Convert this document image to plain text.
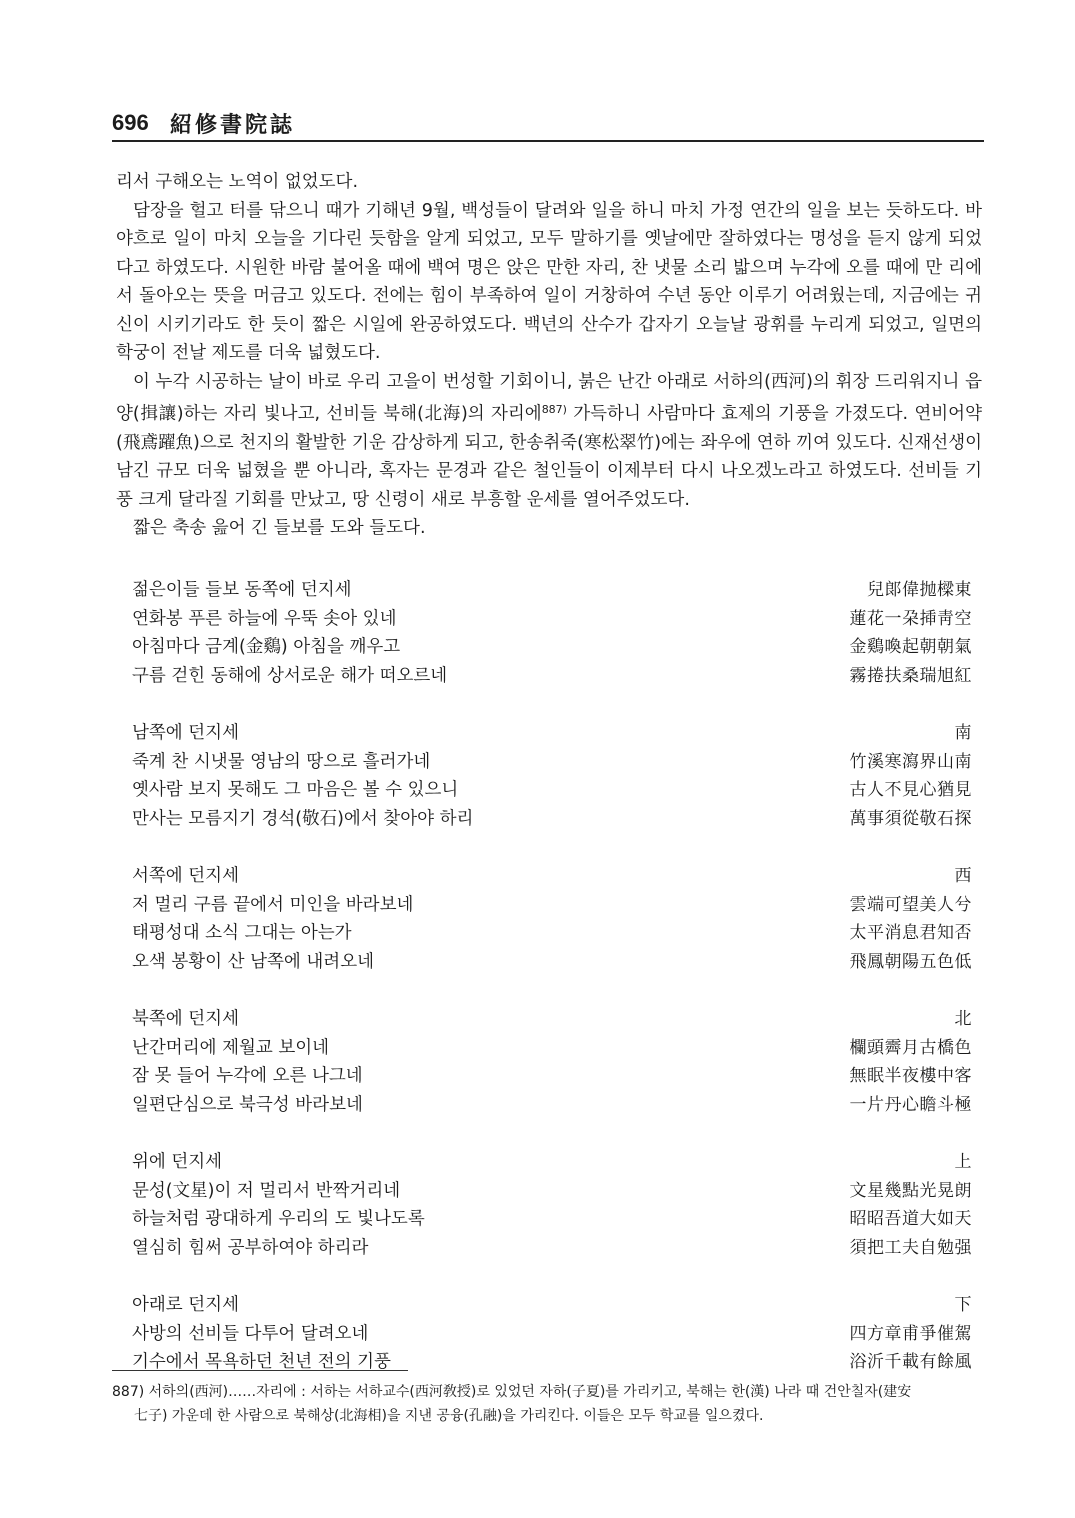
696 紹修書院誌

리서 구해오는 노역이 없었도다.

담장을 헐고 터를 닦으니 때가 기해년 9월, 백성들이 달려와 일을 하니 마치 가정 연간의 일을 보는 듯하도다. 바야흐로 일이 마치 오늘을 기다린 듯함을 알게 되었고, 모두 말하기를 옛날에만 잘하였다는 명성을 듣지 않게 되었다고 하였도다. 시원한 바람 불어올 때에 백여 명은 앉은 만한 자리, 찬 냇물 소리 밟으며 누각에 오를 때에 만 리에서 돌아오는 뜻을 머금고 있도다. 전에는 힘이 부족하여 일이 거창하여 수년 동안 이루기 어려웠는데, 지금에는 귀신이 시키기라도 한 듯이 짧은 시일에 완공하였도다. 백년의 산수가 갑자기 오늘날 광휘를 누리게 되었고, 일면의 학궁이 전날 제도를 더욱 넓혔도다.

이 누각 시공하는 날이 바로 우리 고을이 번성할 기회이니, 붉은 난간 아래로 서하의(西河)의 휘장 드리워지니 읍양(揖讓)하는 자리 빛나고, 선비들 북해(北海)의 자리에$^{887)}$ 가득하니 사람마다 효제의 기풍을 가졌도다. 연비어약(飛鳶躍魚)으로 천지의 활발한 기운 감상하게 되고, 한송취죽(寒松翠竹)에는 좌우에 연하 끼여 있도다. 신재선생이 남긴 규모 더욱 넓혔을 뿐 아니라, 혹자는 문경과 같은 철인들이 이제부터 다시 나오겠노라고 하였도다. 선비들 기풍 크게 달라질 기회를 만났고, 땅 신령이 새로 부흥할 운세를 열어주었도다.

짧은 축송 읊어 긴 들보를 도와 들도다.

젊은이들 들보 동쪽에 던지세	兒郞偉抛樑東
연화봉 푸른 하늘에 우뚝 솟아 있네	蓮花一朶揷靑空
아침마다 금계(金鷄) 아침을 깨우고	金鷄喚起朝朝氣
구름 걷힌 동해에 상서로운 해가 떠오르네	霧捲扶桑瑞旭紅
남쪽에 던지세	南
죽계 찬 시냇물 영남의 땅으로 흘러가네	竹溪寒瀉界山南
옛사람 보지 못해도 그 마음은 볼 수 있으니	古人不見心猶見
만사는 모름지기 경석(敬石)에서 찾아야 하리	萬事須從敬石探
서쪽에 던지세	西
저 멀리 구름 끝에서 미인을 바라보네	雲端可望美人兮
태평성대 소식 그대는 아는가	太平消息君知否
오색 봉황이 산 남쪽에 내려오네	飛鳳朝陽五色低
북쪽에 던지세	北
난간머리에 제월교 보이네	欄頭霽月古橋色
잠 못 들어 누각에 오른 나그네	無眠半夜樓中客
일편단심으로 북극성 바라보네	一片丹心瞻斗極
위에 던지세	上
문성(文星)이 저 멀리서 반짝거리네	文星幾點光晃朗
하늘처럼 광대하게 우리의 도 빛나도록	昭昭吾道大如天
열심히 힘써 공부하여야 하리라	須把工夫自勉强
아래로 던지세	下
사방의 선비들 다투어 달려오네	四方章甫爭催駕
기수에서 목욕하던 천년 전의 기풍	浴沂千載有餘風
887) 서하의(西河)……자리에 : 서하는 서하교수(西河敎授)로 있었던 자하(子夏)를 가리키고, 북해는 한(漢) 나라 때 건안칠자(建安
七子) 가운데 한 사람으로 북해상(北海相)을 지낸 공융(孔融)을 가리킨다. 이들은 모두 학교를 일으켰다.
